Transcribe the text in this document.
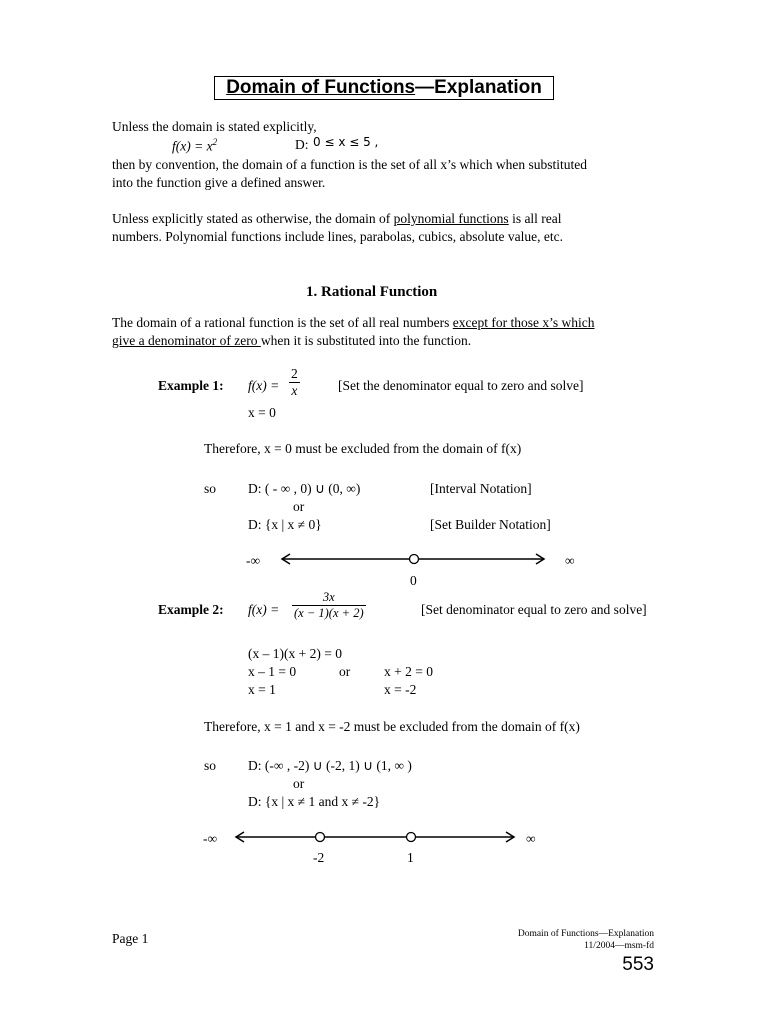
Domain of Functions—Explanation
Unless the domain is stated explicitly,
$f(x) = x^2$	D: 0 ≤ x ≤ 5 ,
then by convention, the domain of a function is the set of all x’s which when substituted
into the function give a defined answer.
Unless explicitly stated as otherwise, the domain of polynomial functions is all real
numbers. Polynomial functions include lines, parabolas, cubics, absolute value, etc.
1. Rational Function
The domain of a rational function is the set of all real numbers except for those x’s which
give a denominator of zero when it is substituted into the function.
Example 1: $f(x) = \frac{2}{x}$	[Set the denominator equal to zero and solve]
x = 0
Therefore, x = 0 must be excluded from the domain of f(x)
so D: ( - ∞ , 0) ∪ (0, ∞)	[Interval Notation]
or
D: {x | x ≠ 0}	[Set Builder Notation]
-∞	∞
0
Example 2: $f(x) = \frac{3x}{(x - 1)(x + 2)}$	[Set denominator equal to zero and solve]
(x – 1)(x + 2) = 0
x – 1 = 0	or	x + 2 = 0
x = 1	x = -2
Therefore, x = 1 and x = -2 must be excluded from the domain of f(x)
so D: (-∞ , -2) ∪ (-2, 1) ∪ (1, ∞ )
or
D: {x | x ≠ 1 and x ≠ -2}
-∞	∞
-2	1
Page 1	Domain of Functions—Explanation
11/2004—msm-fd
553
